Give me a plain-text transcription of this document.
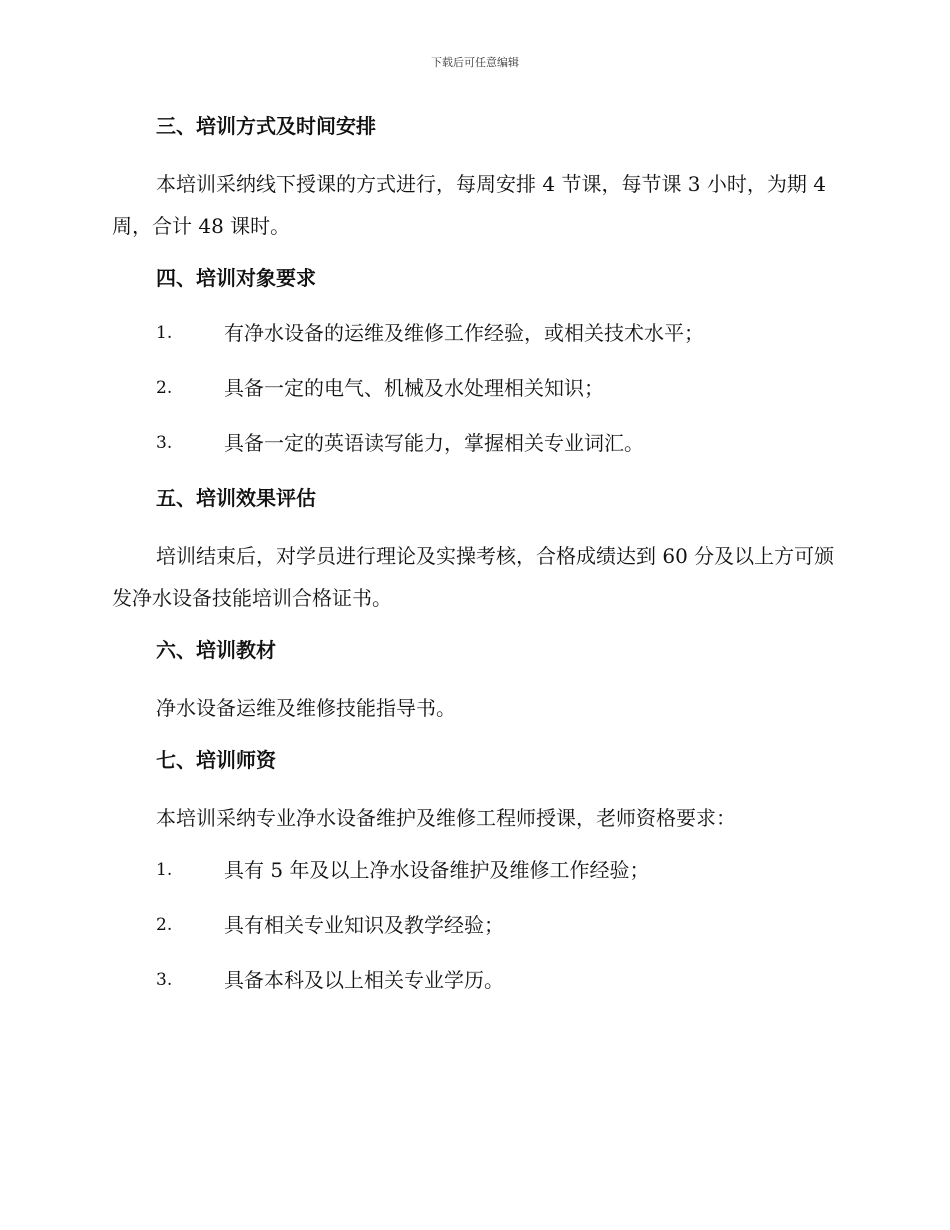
下载后可任意编辑
三、培训方式及时间安排

本培训采纳线下授课的方式进行，每周安排 4 节课，每节课 3 小时，为期 4 周，合计 48 课时。

四、培训对象要求
1.	有净水设备的运维及维修工作经验，或相关技术水平；
2.	具备一定的电气、机械及水处理相关知识；
3.	具备一定的英语读写能力，掌握相关专业词汇。
五、培训效果评估

培训结束后，对学员进行理论及实操考核，合格成绩达到 60 分及以上方可颁发净水设备技能培训合格证书。

六、培训教材

净水设备运维及维修技能指导书。

七、培训师资

本培训采纳专业净水设备维护及维修工程师授课，老师资格要求：

1.	具有 5 年及以上净水设备维护及维修工作经验；
2.	具有相关专业知识及教学经验；
3.	具备本科及以上相关专业学历。
